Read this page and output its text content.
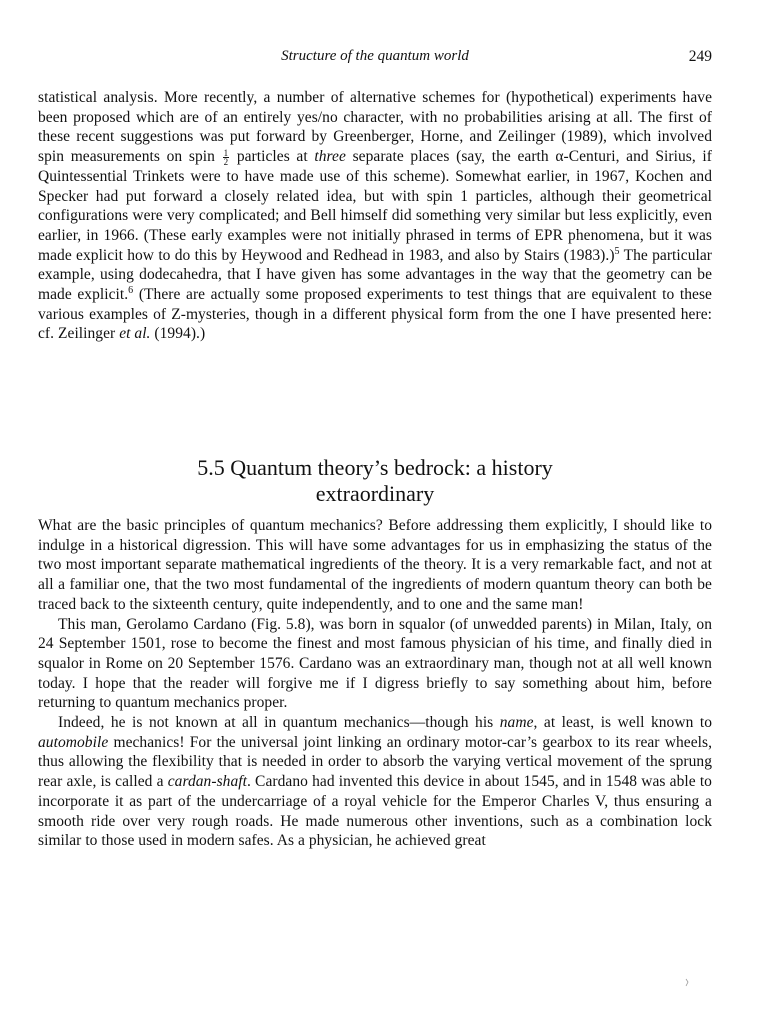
Structure of the quantum world	249

statistical analysis. More recently, a number of alternative schemes for (hypothetical) experiments have been proposed which are of an entirely yes/no character, with no probabilities arising at all. The first of these recent suggestions was put forward by Greenberger, Horne, and Zeilinger (1989), which involved spin measurements on spin $\frac{1}{2}$ particles at three separate places (say, the earth α-Centuri, and Sirius, if Quintessential Trinkets were to have made use of this scheme). Somewhat earlier, in 1967, Kochen and Specker had put forward a closely related idea, but with spin 1 particles, although their geometrical configurations were very complicated; and Bell himself did something very similar but less explicitly, even earlier, in 1966. (These early examples were not initially phrased in terms of EPR phenomena, but it was made explicit how to do this by Heywood and Redhead in 1983, and also by Stairs (1983).)$^5$ The particular example, using dodecahedra, that I have given has some advantages in the way that the geometry can be made explicit.$^6$ (There are actually some proposed experiments to test things that are equivalent to these various examples of Z-mysteries, though in a different physical form from the one I have presented here: cf. Zeilinger et al. (1994).)

5.5 Quantum theory’s bedrock: a history
extraordinary

What are the basic principles of quantum mechanics? Before addressing them explicitly, I should like to indulge in a historical digression. This will have some advantages for us in emphasizing the status of the two most important separate mathematical ingredients of the theory. It is a very remarkable fact, and not at all a familiar one, that the two most fundamental of the ingredients of modern quantum theory can both be traced back to the sixteenth century, quite independently, and to one and the same man!

This man, Gerolamo Cardano (Fig. 5.8), was born in squalor (of unwedded parents) in Milan, Italy, on 24 September 1501, rose to become the finest and most famous physician of his time, and finally died in squalor in Rome on 20 September 1576. Cardano was an extraordinary man, though not at all well known today. I hope that the reader will forgive me if I digress briefly to say something about him, before returning to quantum mechanics proper.

Indeed, he is not known at all in quantum mechanics—though his name, at least, is well known to automobile mechanics! For the universal joint linking an ordinary motor-car’s gearbox to its rear wheels, thus allowing the flexibility that is needed in order to absorb the varying vertical movement of the sprung rear axle, is called a cardan-shaft. Cardano had invented this device in about 1545, and in 1548 was able to incorporate it as part of the undercarriage of a royal vehicle for the Emperor Charles V, thus ensuring a smooth ride over very rough roads. He made numerous other inventions, such as a combination lock similar to those used in modern safes. As a physician, he achieved great
